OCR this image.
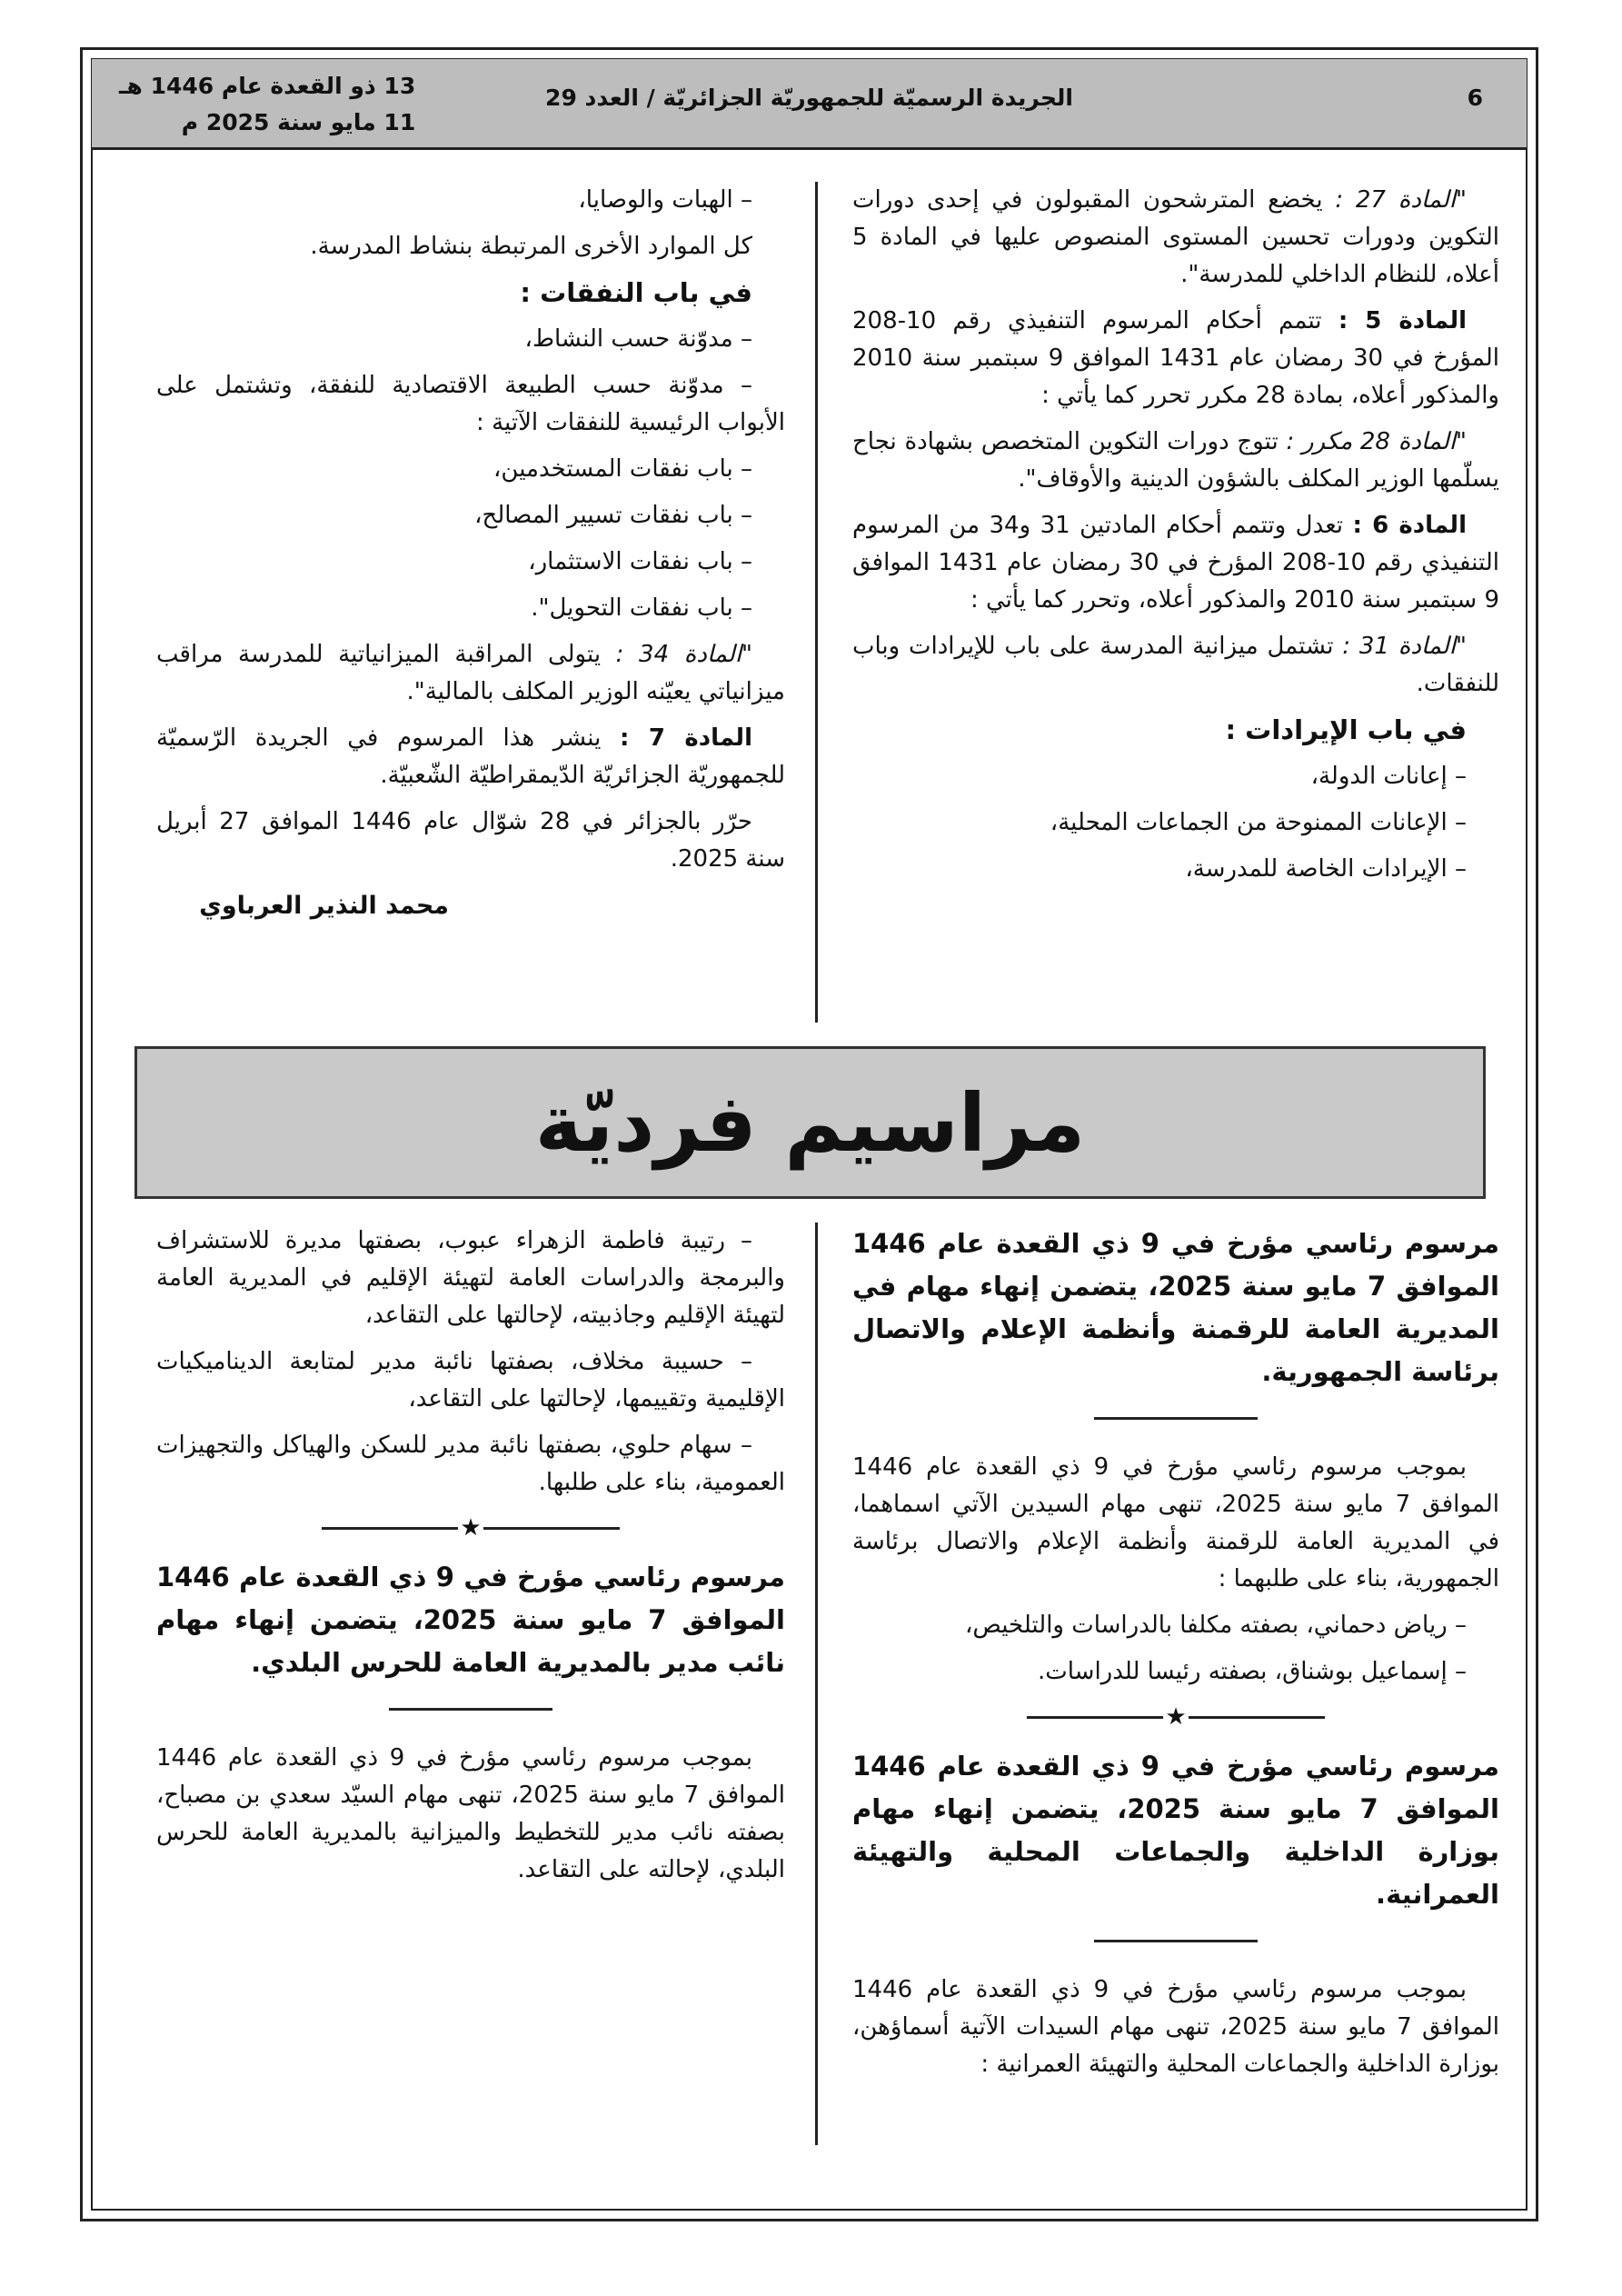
13 ذو القعدة عام 1446 هـ
11 مايو سنة 2025 م
الجريدة الرسميّة للجمهوريّة الجزائريّة / العدد 29	6

"المادة 27 : يخضع المترشحون المقبولون في إحدى دورات التكوين ودورات تحسين المستوى المنصوص عليها في المادة 5 أعلاه، للنظام الداخلي للمدرسة".

المادة 5 : تتمم أحكام المرسوم التنفيذي رقم 10-208 المؤرخ في 30 رمضان عام 1431 الموافق 9 سبتمبر سنة 2010 والمذكور أعلاه، بمادة 28 مكرر تحرر كما يأتي :

"المادة 28 مكرر : تتوج دورات التكوين المتخصص بشهادة نجاح يسلّمها الوزير المكلف بالشؤون الدينية والأوقاف".

المادة 6 : تعدل وتتمم أحكام المادتين 31 و34 من المرسوم التنفيذي رقم 10-208 المؤرخ في 30 رمضان عام 1431 الموافق 9 سبتمبر سنة 2010 والمذكور أعلاه، وتحرر كما يأتي :

"المادة 31 : تشتمل ميزانية المدرسة على باب للإيرادات وباب للنفقات.

في باب الإيرادات :

– إعانات الدولة،

– الإعانات الممنوحة من الجماعات المحلية،

– الإيرادات الخاصة للمدرسة،

– الهبات والوصايا،

كل الموارد الأخرى المرتبطة بنشاط المدرسة.

في باب النفقات :

– مدوّنة حسب النشاط،

– مدوّنة حسب الطبيعة الاقتصادية للنفقة، وتشتمل على الأبواب الرئيسية للنفقات الآتية :

– باب نفقات المستخدمين،

– باب نفقات تسيير المصالح،

– باب نفقات الاستثمار،

– باب نفقات التحويل".

"المادة 34 : يتولى المراقبة الميزانياتية للمدرسة مراقب ميزانياتي يعيّنه الوزير المكلف بالمالية".

المادة 7 : ينشر هذا المرسوم في الجريدة الرّسميّة للجمهوريّة الجزائريّة الدّيمقراطيّة الشّعبيّة.

حرّر بالجزائر في 28 شوّال عام 1446 الموافق 27 أبريل سنة 2025.

محمد النذير العرباوي

مراسيم فرديّة

مرسوم رئاسي مؤرخ في 9 ذي القعدة عام 1446 الموافق 7 مايو سنة 2025، يتضمن إنهاء مهام في المديرية العامة للرقمنة وأنظمة الإعلام والاتصال برئاسة الجمهورية.

بموجب مرسوم رئاسي مؤرخ في 9 ذي القعدة عام 1446 الموافق 7 مايو سنة 2025، تنهى مهام السيدين الآتي اسماهما، في المديرية العامة للرقمنة وأنظمة الإعلام والاتصال برئاسة الجمهورية، بناء على طلبهما :

– رياض دحماني، بصفته مكلفا بالدراسات والتلخيص،

– إسماعيل بوشناق، بصفته رئيسا للدراسات.

★

مرسوم رئاسي مؤرخ في 9 ذي القعدة عام 1446 الموافق 7 مايو سنة 2025، يتضمن إنهاء مهام بوزارة الداخلية والجماعات المحلية والتهيئة العمرانية.

بموجب مرسوم رئاسي مؤرخ في 9 ذي القعدة عام 1446 الموافق 7 مايو سنة 2025، تنهى مهام السيدات الآتية أسماؤهن، بوزارة الداخلية والجماعات المحلية والتهيئة العمرانية :

– رتيبة فاطمة الزهراء عبوب، بصفتها مديرة للاستشراف والبرمجة والدراسات العامة لتهيئة الإقليم في المديرية العامة لتهيئة الإقليم وجاذبيته، لإحالتها على التقاعد،

– حسيبة مخلاف، بصفتها نائبة مدير لمتابعة الديناميكيات الإقليمية وتقييمها، لإحالتها على التقاعد،

– سهام حلوي، بصفتها نائبة مدير للسكن والهياكل والتجهيزات العمومية، بناء على طلبها.

★

مرسوم رئاسي مؤرخ في 9 ذي القعدة عام 1446 الموافق 7 مايو سنة 2025، يتضمن إنهاء مهام نائب مدير بالمديرية العامة للحرس البلدي.

بموجب مرسوم رئاسي مؤرخ في 9 ذي القعدة عام 1446 الموافق 7 مايو سنة 2025، تنهى مهام السيّد سعدي بن مصباح، بصفته نائب مدير للتخطيط والميزانية بالمديرية العامة للحرس البلدي، لإحالته على التقاعد.
